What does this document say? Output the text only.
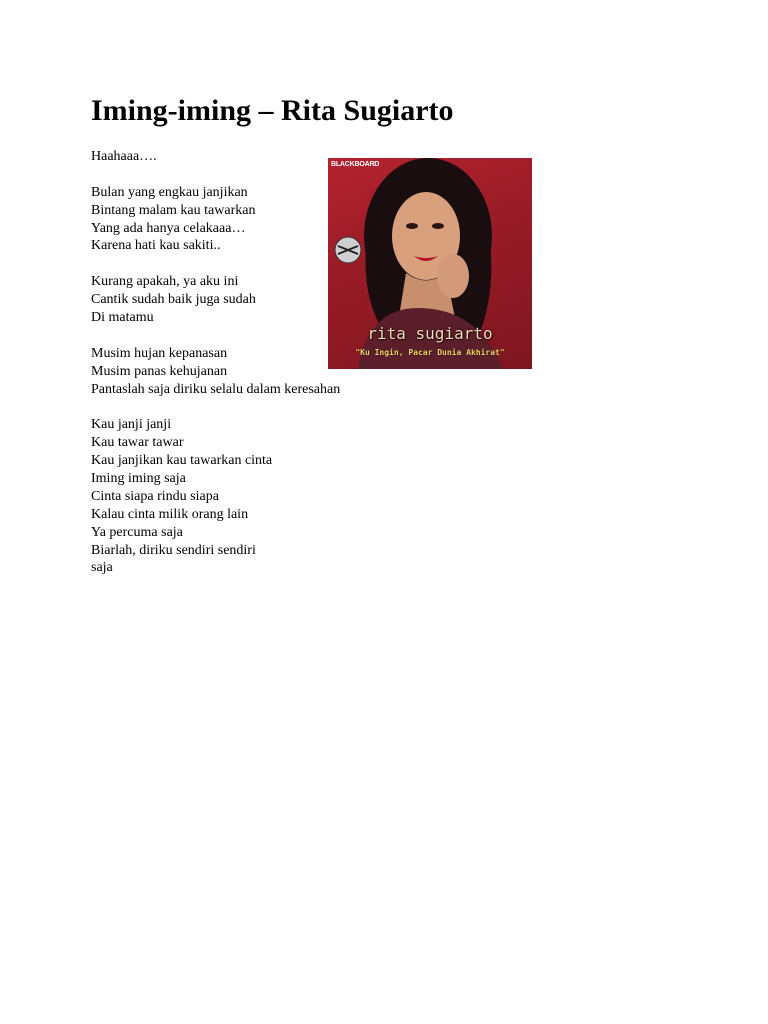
Iming-iming – Rita Sugiarto
Haahaaa….
Bulan yang engkau janjikan
Bintang malam kau tawarkan
Yang ada hanya celakaaa…
Karena hati kau sakiti..
Kurang apakah, ya aku ini
Cantik sudah baik juga sudah
Di matamu
Musim hujan kepanasan
Musim panas kehujanan
Pantaslah saja diriku selalu dalam keresahan
Kau janji janji
Kau tawar tawar
Kau janjikan kau tawarkan cinta
Iming iming saja
Cinta siapa rindu siapa
Kalau cinta milik orang lain
Ya percuma saja
Biarlah, diriku sendiri sendiri
saja
BLACKBOARD
rita sugiarto
"Ku Ingin, Pacar Dunia Akhirat"
